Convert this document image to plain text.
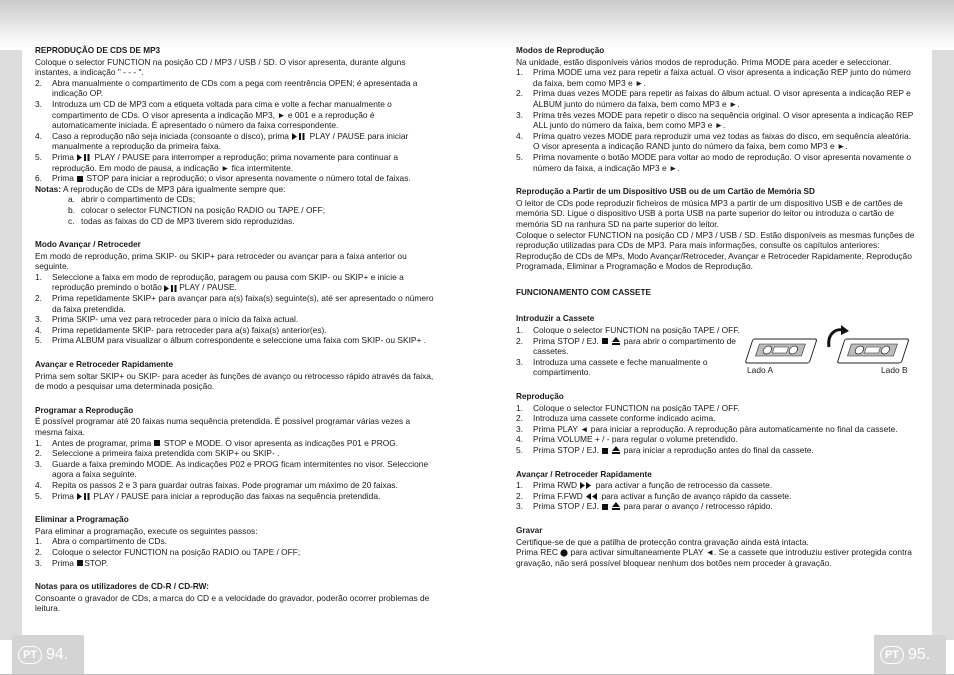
REPRODUÇÃO DE CDS DE MP3

Coloque o selector FUNCTION na posição CD / MP3 / USB / SD. O visor apresenta, durante alguns instantes, a indicação " - - - ".

2. Abra manualmente o compartimento de CDs com a pega com reentrência OPEN; é apresentada a indicação OP.
3. Introduza um CD de MP3 com a etiqueta voltada para cima e volte a fechar manualmente o compartimento de CDs. O visor apresenta a indicação MP3, ► e 001 e a reprodução é automaticamente iniciada. É apresentado o número da faixa correspondente.
4. Caso a reprodução não seja iniciada (consoante o disco), prima PLAY / PAUSE para iniciar manualmente a reprodução da primeira faixa.
5. Prima PLAY / PAUSE para interromper a reprodução; prima novamente para continuar a reprodução. Em modo de pausa, a indicação ► fica intermitente.
6. Prima STOP para iniciar a reprodução; o visor apresenta novamente o número total de faixas.

Notas: A reprodução de CDs de MP3 pára igualmente sempre que:

a. abrir o compartimento de CDs;
b. colocar o selector FUNCTION na posição RADIO ou TAPE / OFF;
c. todas as faixas do CD de MP3 tiverem sido reproduzidas.
Modo Avançar / Retroceder

Em modo de reprodução, prima SKIP- ou SKIP+ para retroceder ou avançar para a faixa anterior ou seguinte.

1. Seleccione a faixa em modo de reprodução, paragem ou pausa com SKIP- ou SKIP+ e inicie a reprodução premindo o botão PLAY / PAUSE.
2. Prima repetidamente SKIP+ para avançar para a(s) faixa(s) seguinte(s), até ser apresentado o número da faixa pretendida.
3. Prima SKIP- uma vez para retroceder para o início da faixa actual.
4. Prima repetidamente SKIP- para retroceder para a(s) faixa(s) anterior(es).
5. Prima ALBUM para visualizar o álbum correspondente e seleccione uma faixa com SKIP- ou SKIP+ .
Avançar e Retroceder Rapidamente

Prima sem soltar SKIP+ ou SKIP- para aceder às funções de avanço ou retrocesso rápido através da faixa, de modo a pesquisar uma determinada posição.

Programar a Reprodução

É possível programar até 20 faixas numa sequência pretendida. É possível programar várias vezes a mesma faixa.

1. Antes de programar, prima STOP e MODE. O visor apresenta as indicações P01 e PROG.
2. Seleccione a primeira faixa pretendida com SKIP+ ou SKIP- .
3. Guarde a faixa premindo MODE. As indicações P02 e PROG ficam intermitentes no visor. Seleccione agora a faixa seguinte.
4. Repita os passos 2 e 3 para guardar outras faixas. Pode programar um máximo de 20 faixas.
5. Prima PLAY / PAUSE para iniciar a reprodução das faixas na sequência pretendida.
Eliminar a Programação

Para eliminar a programação, execute os seguintes passos:

1. Abra o compartimento de CDs.
2. Coloque o selector FUNCTION na posição RADIO ou TAPE / OFF;
3. Prima STOP.
Notas para os utilizadores de CD-R / CD-RW:

Consoante o gravador de CDs, a marca do CD e a velocidade do gravador, poderão ocorrer problemas de leitura.

Modos de Reprodução

Na unidade, estão disponíveis vários modos de reprodução. Prima MODE para aceder e seleccionar.

1. Prima MODE uma vez para repetir a faixa actual. O visor apresenta a indicação REP junto do número da faixa, bem como MP3 e ►.
2. Prima duas vezes MODE para repetir as faixas do álbum actual. O visor apresenta a indicação REP e ALBUM junto do número da faixa, bem como MP3 e ►.
3. Prima três vezes MODE para repetir o disco na sequência original. O visor apresenta a indicação REP ALL junto do número da faixa, bem como MP3 e ►.
4. Prima quatro vezes MODE para reproduzir uma vez todas as faixas do disco, em sequência aleatória. O visor apresenta a indicação RAND junto do número da faixa, bem como MP3 e ►.
5. Prima novamente o botão MODE para voltar ao modo de reprodução. O visor apresenta novamente o número da faixa, a indicação MP3 e ►.
Reprodução a Partir de um Dispositivo USB ou de um Cartão de Memória SD

O leitor de CDs pode reproduzir ficheiros de música MP3 a partir de um dispositivo USB e de cartões de memória SD. Ligue o dispositivo USB à porta USB na parte superior do leitor ou introduza o cartão de memória SD na ranhura SD na parte superior do leitor.

Coloque o selector FUNCTION na posição CD / MP3 / USB / SD. Estão disponíveis as mesmas funções de reprodução utilizadas para CDs de MP3. Para mais informações, consulte os capítulos anteriores: Reprodução de CDs de MPs, Modo Avançar/Retroceder, Avançar e Retroceder Rapidamente, Reprodução Programada, Eliminar a Programação e Modos de Reprodução.

FUNCIONAMENTO COM CASSETE
Introduzir a Cassete
1. Coloque o selector FUNCTION na posição TAPE / OFF.
2. Prima STOP / EJ.	para abrir o compartimento de cassetes.
3. Introduza uma cassete e feche manualmente o compartimento.
Reprodução
1. Coloque o selector FUNCTION na posição TAPE / OFF.
2. Introduza uma cassete conforme indicado acima.
3. Prima PLAY ◄ para iniciar a reprodução. A reprodução pára automaticamente no final da cassete.
4. Prima VOLUME + / - para regular o volume pretendido.
5. Prima STOP / EJ.	para iniciar a reprodução antes do final da cassete.
Avançar / Retroceder Rapidamente
1. Prima RWD para activar a função de retrocesso da cassete.
2. Prima F.FWD para activar a função de avanço rápido da cassete.
3. Prima STOP / EJ.	para parar o avanço / retrocesso rápido.
Gravar

Certifique-se de que a patilha de protecção contra gravação ainda está intacta.

Prima REC para activar simultaneamente PLAY ◄. Se a cassete que introduziu estiver protegida contra gravação, não será possível bloquear nenhum dos botões nem proceder à gravação.

Lado A	Lado B
PT 94.	PT 95.
